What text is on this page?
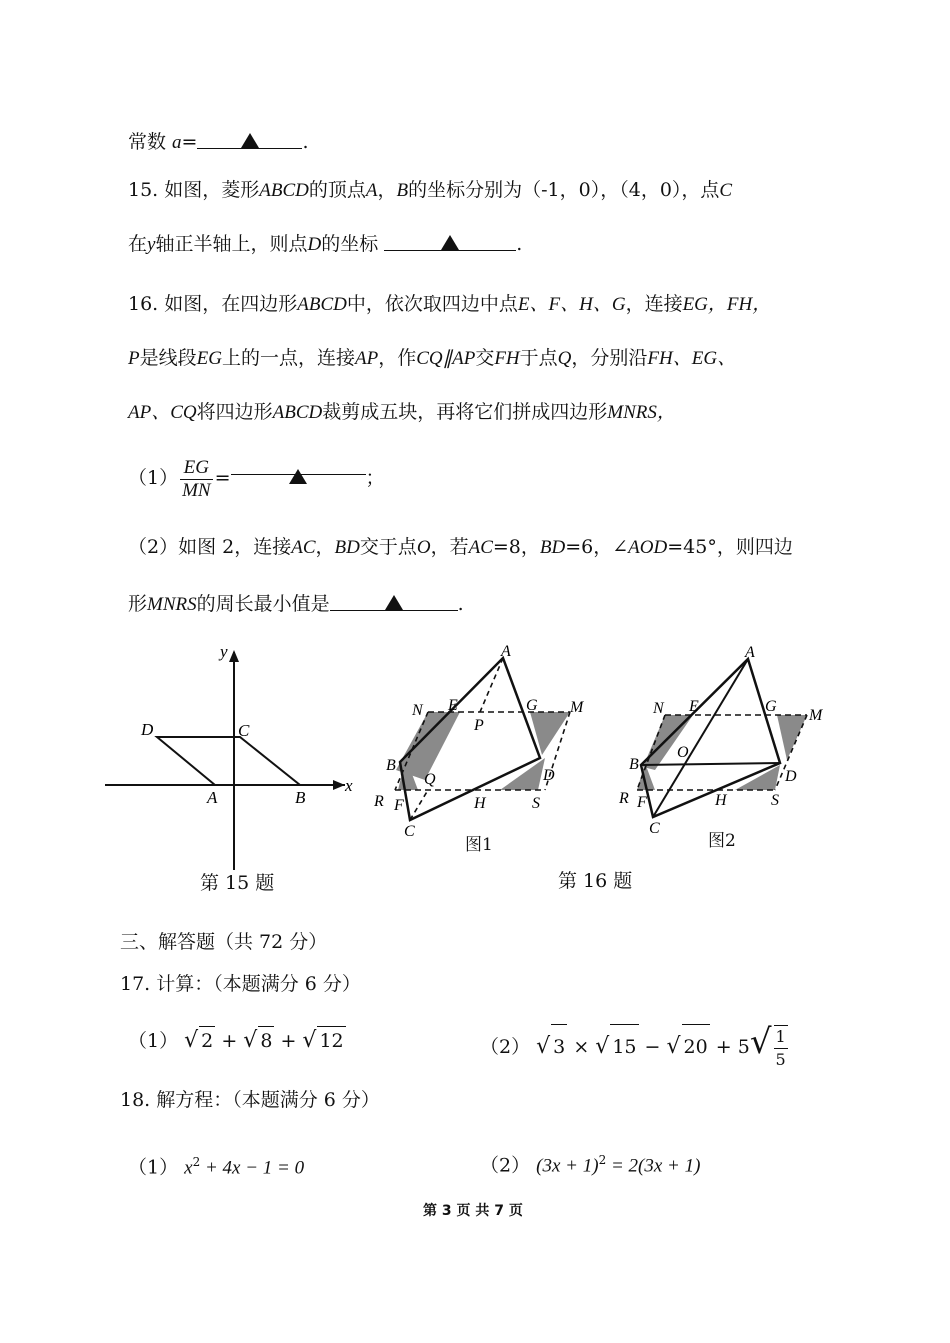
常数 a=	.
15. 如图，菱形ABCD的顶点A，B的坐标分别为（-1，0），（4，0），点C
在y轴正半轴上，则点D的坐标	.
16. 如图，在四边形ABCD中，依次取四边中点E、F、H、G，连接EG，FH，
P是线段EG上的一点，连接AP，作CQ∥AP交FH于点Q，分别沿FH、EG、
AP、CQ将四边形ABCD裁剪成五块，再将它们拼成四边形MNRS，
$(1) \frac{EG}{MN}$ =	；
（2）如图 2，连接AC，BD交于点O，若AC=8，BD=6，∠AOD=45°，则四边
形MNRS的周长最小值是	.
y
x
D	C
A	B
第 15 题
A
N E	G M
P
B
Q	D
R F	H	S
C
图1
A
N E	G
M
O
B
D
R F	H	S
C
图2
第 16 题
三、解答题（共 72 分）
17. 计算：（本题满分 6 分）
（1） √ 2 + √ 8 + √ 12	（2） √ 3 × √ 15 − √ $20 + 5√ \frac{1}{5}$
18. 解方程：（本题满分 6 分）
（1） $x^2 + 4x - 1 = 0$	（2） $(3x + 1)^2 = 2(3x + 1)$
第 3 页 共 7 页
